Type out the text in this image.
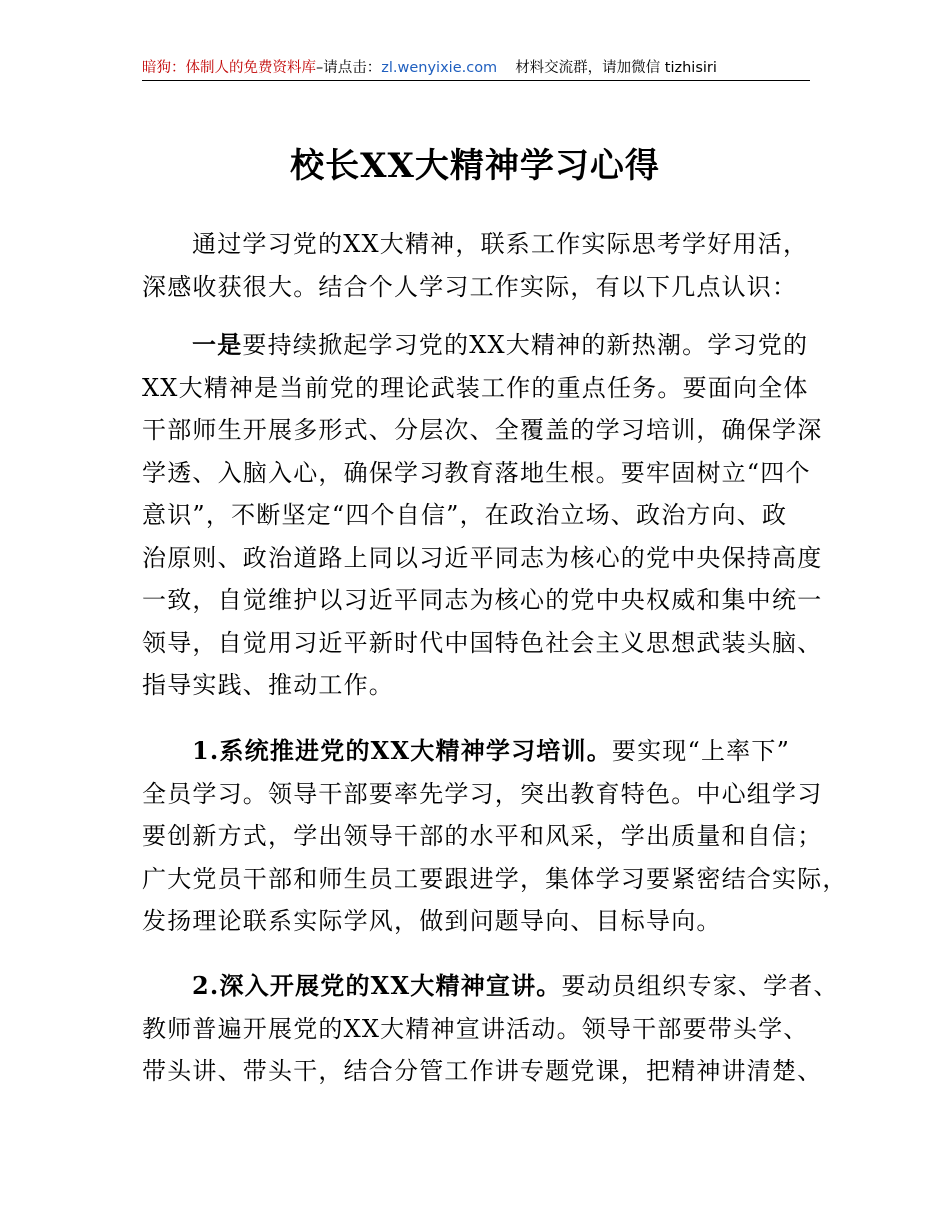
暗狗：体制人的免费资料库–请点击：zl.wenyixie.com 材料交流群，请加微信 tizhisiri
校长XX大精神学习心得

通过学习党的XX大精神，联系工作实际思考学好用活，
深感收获很大。结合个人学习工作实际，有以下几点认识：

一是要持续掀起学习党的XX大精神的新热潮。学习党的
XX大精神是当前党的理论武装工作的重点任务。要面向全体
干部师生开展多形式、分层次、全覆盖的学习培训，确保学深
学透、入脑入心，确保学习教育落地生根。要牢固树立“四个
意识”，不断坚定“四个自信”，在政治立场、政治方向、政
治原则、政治道路上同以习近平同志为核心的党中央保持高度
一致，自觉维护以习近平同志为核心的党中央权威和集中统一
领导，自觉用习近平新时代中国特色社会主义思想武装头脑、
指导实践、推动工作。

1.系统推进党的XX大精神学习培训。要实现“上率下”
全员学习。领导干部要率先学习，突出教育特色。中心组学习
要创新方式，学出领导干部的水平和风采，学出质量和自信；
广大党员干部和师生员工要跟进学，集体学习要紧密结合实际，
发扬理论联系实际学风，做到问题导向、目标导向。

2.深入开展党的XX大精神宣讲。要动员组织专家、学者、
教师普遍开展党的XX大精神宣讲活动。领导干部要带头学、
带头讲、带头干，结合分管工作讲专题党课，把精神讲清楚、
